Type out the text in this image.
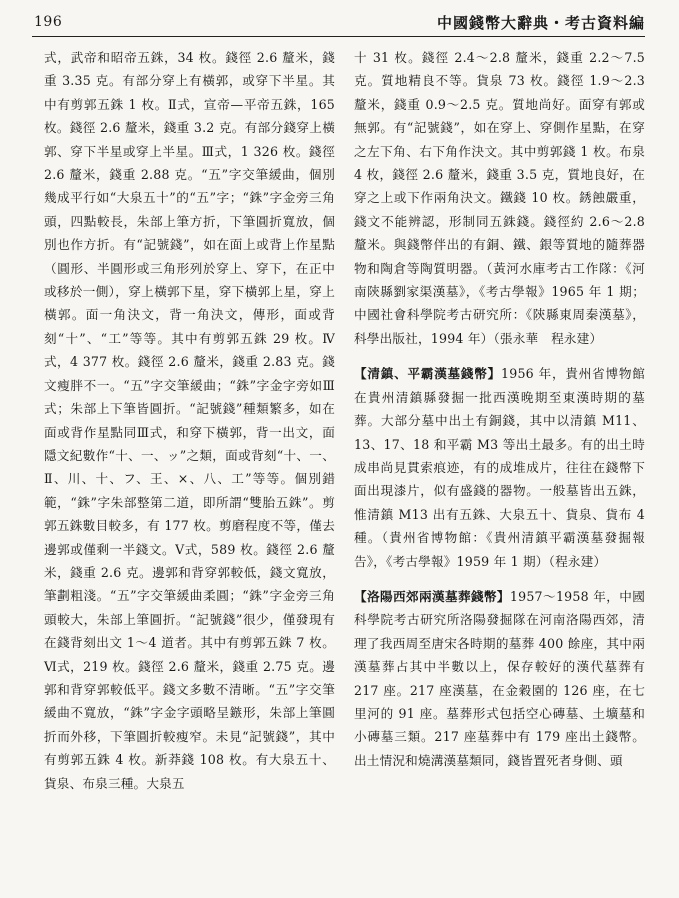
196	中國錢幣大辭典・考古資料編

式，武帝和昭帝五銖，34 枚。錢徑 2.6 釐米，錢重 3.35 克。有部分穿上有橫郭，或穿下半星。其中有剪郭五銖 1 枚。Ⅱ式，宣帝—平帝五銖，165 枚。錢徑 2.6 釐米，錢重 3.2 克。有部分錢穿上橫郭、穿下半星或穿上半星。Ⅲ式，1 326 枚。錢徑 2.6 釐米，錢重 2.88 克。“五”字交筆緩曲，個別幾成平行如“大泉五十”的“五”字；“銖”字金旁三角頭，四點較長，朱部上筆方折，下筆圓折寬放，個別也作方折。有“記號錢”，如在面上或背上作星點（圓形、半圓形或三角形列於穿上、穿下，在正中或移於一側），穿上橫郭下星，穿下橫郭上星，穿上橫郭。面一角決文，背一角決文，傳形，面或背刻“十”、“工”等等。其中有剪郭五銖 29 枚。Ⅳ式，4 377 枚。錢徑 2.6 釐米，錢重 2.83 克。錢文瘦胖不一。“五”字交筆緩曲；“銖”字金字旁如Ⅲ式；朱部上下筆皆圓折。“記號錢”種類繁多，如在面或背作星點同Ⅲ式，和穿下橫郭，背一出文，面隱文紀數作“十、一、ッ”之類，面或背刻“十、一、Ⅱ、川、十、フ、王、×、八、工”等等。個別錯範，“銖”字朱部整第二道，即所謂“雙胎五銖”。剪郭五銖數目較多，有 177 枚。剪磨程度不等，僅去邊郭或僅剩一半錢文。Ⅴ式，589 枚。錢徑 2.6 釐米，錢重 2.6 克。邊郭和背穿郭較低，錢文寬放，筆劃粗淺。“五”字交筆緩曲柔圓；“銖”字金旁三角頭較大，朱部上筆圓折。“記號錢”很少，僅發現有在錢背刻出文 1～4 道者。其中有剪郭五銖 7 枚。Ⅵ式，219 枚。錢徑 2.6 釐米，錢重 2.75 克。邊郭和背穿郭較低平。錢文多數不清晰。“五”字交筆緩曲不寬放，“銖”字金字頭略呈鏃形，朱部上筆圓折而外移，下筆圓折較瘦窄。未見“記號錢”，其中有剪郭五銖 4 枚。新莽錢 108 枚。有大泉五十、貨泉、布泉三種。大泉五

十 31 枚。錢徑 2.4～2.8 釐米，錢重 2.2～7.5 克。質地精良不等。貨泉 73 枚。錢徑 1.9～2.3 釐米，錢重 0.9～2.5 克。質地尚好。面穿有郭或無郭。有“記號錢”，如在穿上、穿側作星點，在穿之左下角、右下角作決文。其中剪郭錢 1 枚。布泉 4 枚，錢徑 2.6 釐米，錢重 3.5 克，質地良好，在穿之上或下作兩角決文。鐵錢 10 枚。銹蝕嚴重，錢文不能辨認，形制同五銖錢。錢徑約 2.6～2.8 釐米。與錢幣伴出的有銅、鐵、銀等質地的隨葬器物和陶倉等陶質明器。（黃河水庫考古工作隊：《河南陝縣劉家渠漢墓》，《考古學報》1965 年 1 期；中國社會科學院考古研究所：《陝縣東周秦漢墓》，科學出版社，1994 年）（張永華　程永建）

【清鎮、平霸漢墓錢幣】1956 年，貴州省博物館在貴州清鎮縣發掘一批西漢晚期至東漢時期的墓葬。大部分墓中出土有銅錢，其中以清鎮 M11、13、17、18 和平霸 M3 等出土最多。有的出土時成串尚見貫索痕迹，有的成堆成片，往往在錢幣下面出現漆片，似有盛錢的器物。一般墓皆出五銖，惟清鎮 M13 出有五銖、大泉五十、貨泉、貨布 4 種。（貴州省博物館：《貴州清鎮平霸漢墓發掘報告》，《考古學報》1959 年 1 期）（程永建）

【洛陽西郊兩漢墓葬錢幣】1957～1958 年，中國科學院考古研究所洛陽發掘隊在河南洛陽西郊，清理了我西周至唐宋各時期的墓葬 400 餘座，其中兩漢墓葬占其中半數以上，保存較好的漢代墓葬有 217 座。217 座漢墓，在金穀園的 126 座，在七里河的 91 座。墓葬形式包括空心磚墓、土壙墓和小磚墓三類。217 座墓葬中有 179 座出土錢幣。出土情況和燒溝漢墓類同，錢皆置死者身側、頭
